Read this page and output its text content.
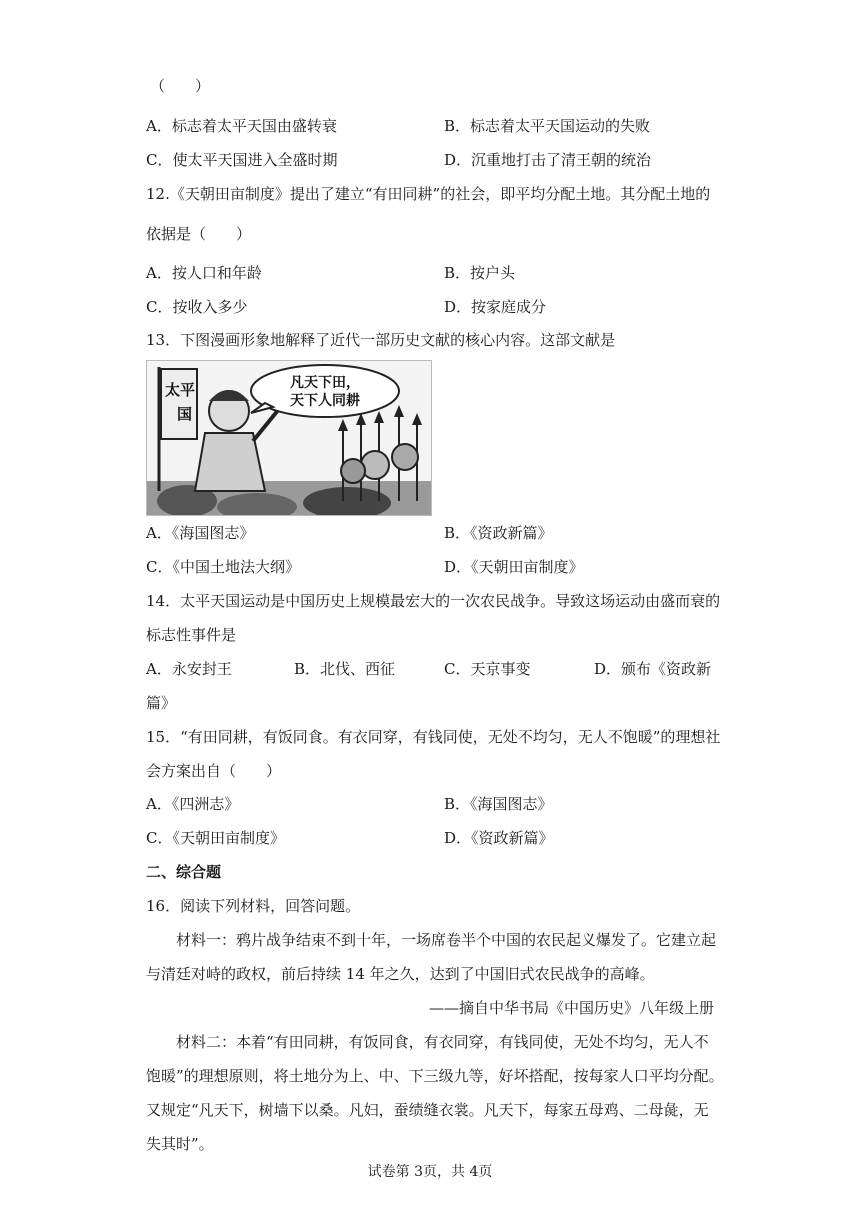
（　　）
A．标志着太平天国由盛转衰	B．标志着太平天国运动的失败
C．使太平天国进入全盛时期	D．沉重地打击了清王朝的统治
12.《天朝田亩制度》提出了建立“有田同耕”的社会，即平均分配土地。其分配土地的
依据是（　　）
A．按人口和年龄	B．按户头
C．按收入多少	D．按家庭成分
13．下图漫画形象地解释了近代一部历史文献的核心内容。这部文献是
太平
国
凡天下田，
天下人同耕
A．《海国图志》	B．《资政新篇》
C．《中国土地法大纲》	D．《天朝田亩制度》
14．太平天国运动是中国历史上规模最宏大的一次农民战争。导致这场运动由盛而衰的
标志性事件是
A．永安封王	B．北伐、西征	C．天京事变	D．颁布《资政新
篇》
15．“有田同耕，有饭同食。有衣同穿，有钱同使，无处不均匀，无人不饱暖”的理想社
会方案出自（　　）
A．《四洲志》	B．《海国图志》
C．《天朝田亩制度》	D．《资政新篇》
二、综合题
16．阅读下列材料，回答问题。
材料一：鸦片战争结束不到十年，一场席卷半个中国的农民起义爆发了。它建立起
与清廷对峙的政权，前后持续 14 年之久，达到了中国旧式农民战争的高峰。
——摘自中华书局《中国历史》八年级上册
材料二：本着“有田同耕，有饭同食，有衣同穿，有钱同使，无处不均匀，无人不
饱暖”的理想原则，将土地分为上、中、下三级九等，好坏搭配，按每家人口平均分配。
又规定“凡天下，树墙下以桑。凡妇，蚕绩缝衣裳。凡天下，每家五母鸡、二母彘，无
失其时”。
试卷第 3页，共 4页
